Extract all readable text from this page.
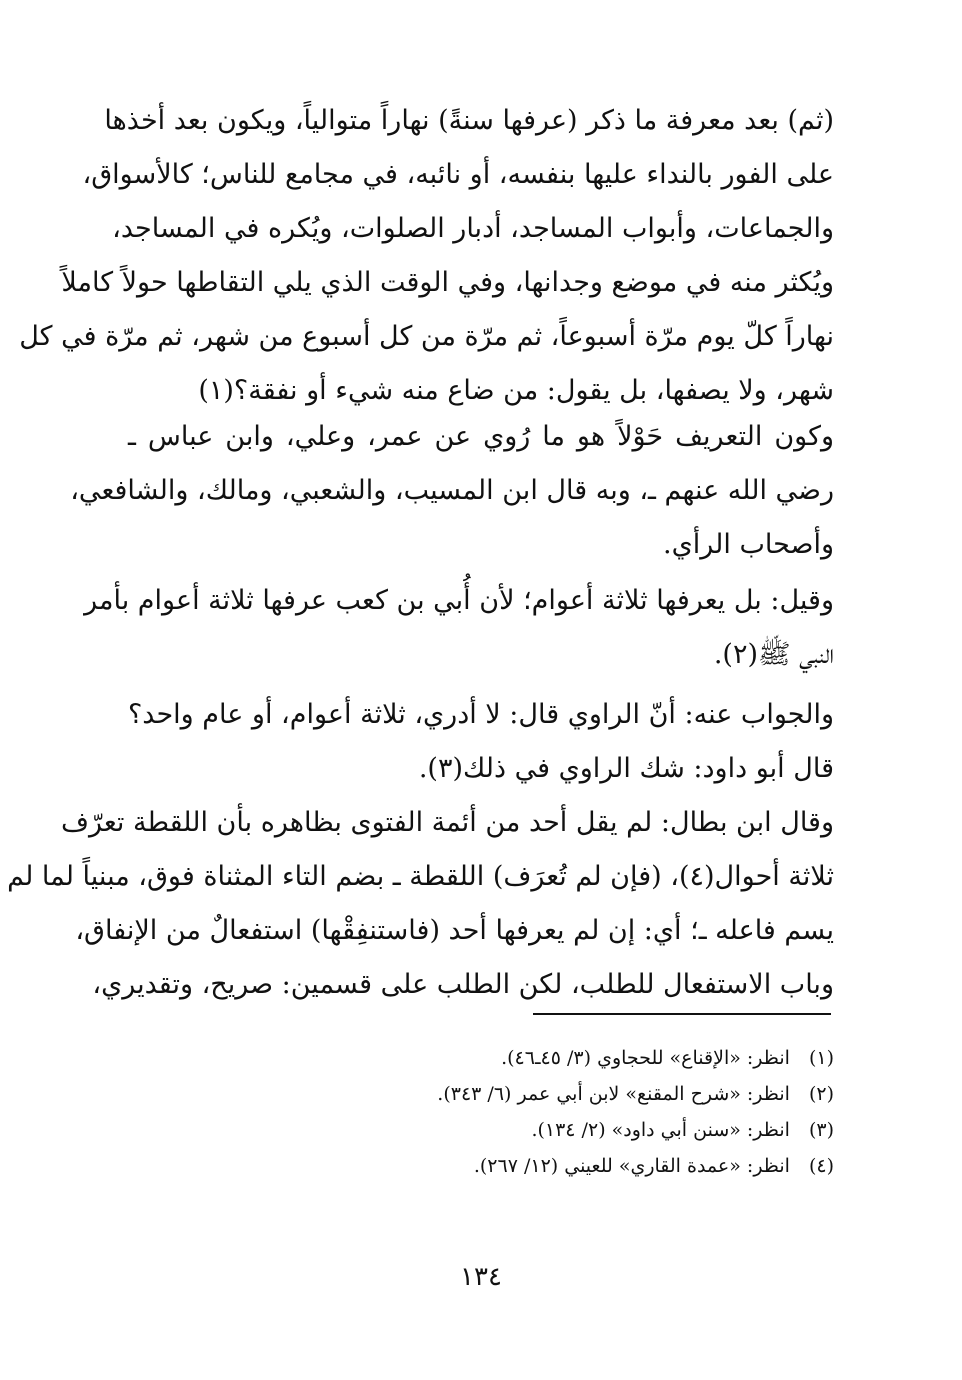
(ثم) بعد معرفة ما ذكر (عرفها سنةً) نهاراً متوالياً، ويكون بعد أخذها
على الفور بالنداء عليها بنفسه، أو نائبه، في مجامع للناس؛ كالأسواق،
والجماعات، وأبواب المساجد، أدبار الصلوات، ويُكره في المساجد،
ويُكثر منه في موضع وجدانها، وفي الوقت الذي يلي التقاطها حولاً كاملاً
نهاراً كلّ يوم مرّة أسبوعاً، ثم مرّة من كل أسبوع من شهر، ثم مرّة في كل
شهر، ولا يصفها، بل يقول: من ضاع منه شيء أو نفقة؟(١)

وكون التعريف حَوْلاً هو ما رُوي عن عمر، وعلي، وابن عباس ـ
رضي الله عنهم ـ، وبه قال ابن المسيب، والشعبي، ومالك، والشافعي،
وأصحاب الرأي.

وقيل: بل يعرفها ثلاثة أعوام؛ لأن أُبي بن كعب عرفها ثلاثة أعوام بأمر
النبي ﷺ(٢).

والجواب عنه: أنّ الراوي قال: لا أدري، ثلاثة أعوام، أو عام واحد؟
قال أبو داود: شك الراوي في ذلك(٣).

وقال ابن بطال: لم يقل أحد من أئمة الفتوى بظاهره بأن اللقطة تعرّف
ثلاثة أحوال(٤)، (فإن لم تُعرَف) اللقطة ـ بضم التاء المثناة فوق، مبنياً لما لم
يسم فاعله ـ؛ أي: إن لم يعرفها أحد (فاستنفِقْها) استفعالٌ من الإنفاق،
وباب الاستفعال للطلب، لكن الطلب على قسمين: صريح، وتقديري،

(١) انظر: «الإقناع» للحجاوي (٣/ ٤٥ـ٤٦).
(٢) انظر: «شرح المقنع» لابن أبي عمر (٦/ ٣٤٣).
(٣) انظر: «سنن أبي داود» (٢/ ١٣٤).
(٤) انظر: «عمدة القاري» للعيني (١٢/ ٢٦٧).
١٣٤
